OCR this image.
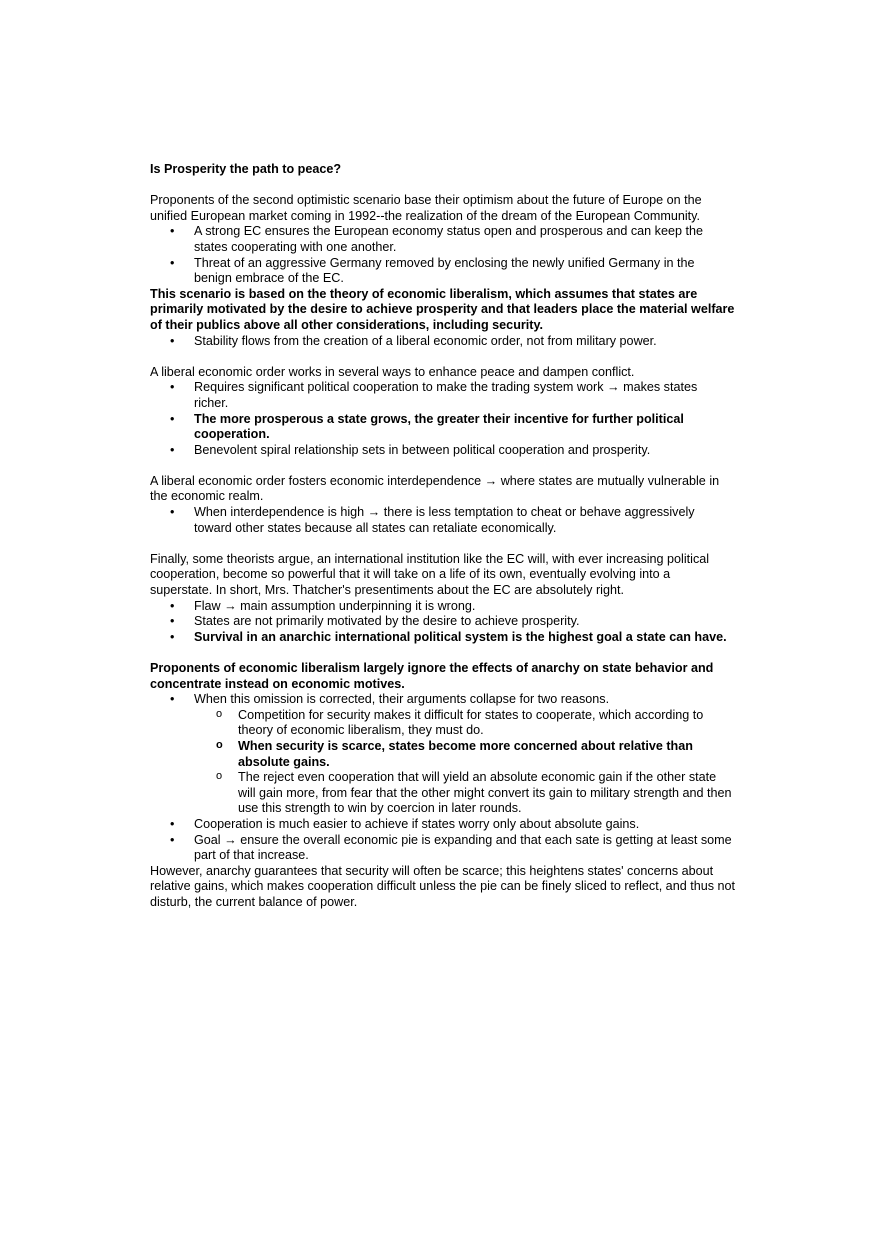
Is Prosperity the path to peace?

Proponents of the second optimistic scenario base their optimism about the future of Europe on the unified European market coming in 1992--the realization of the dream of the European Community.

• A strong EC ensures the European economy status open and prosperous and can keep the states cooperating with one another.
• Threat of an aggressive Germany removed by enclosing the newly unified Germany in the benign embrace of the EC.

This scenario is based on the theory of economic liberalism, which assumes that states are primarily motivated by the desire to achieve prosperity and that leaders place the material welfare of their publics above all other considerations, including security.

• Stability flows from the creation of a liberal economic order, not from military power.

A liberal economic order works in several ways to enhance peace and dampen conflict.

• Requires significant political cooperation to make the trading system work → makes states richer.
• The more prosperous a state grows, the greater their incentive for further political cooperation.
• Benevolent spiral relationship sets in between political cooperation and prosperity.

A liberal economic order fosters economic interdependence → where states are mutually vulnerable in the economic realm.

• When interdependence is high → there is less temptation to cheat or behave aggressively toward other states because all states can retaliate economically.

Finally, some theorists argue, an international institution like the EC will, with ever increasing political cooperation, become so powerful that it will take on a life of its own, eventually evolving into a superstate. In short, Mrs. Thatcher's presentiments about the EC are absolutely right.

• Flaw → main assumption underpinning it is wrong.
• States are not primarily motivated by the desire to achieve prosperity.
• Survival in an anarchic international political system is the highest goal a state can have.

Proponents of economic liberalism largely ignore the effects of anarchy on state behavior and concentrate instead on economic motives.

• When this omission is corrected, their arguments collapse for two reasons.
o Competition for security makes it difficult for states to cooperate, which according to theory of economic liberalism, they must do.
o When security is scarce, states become more concerned about relative than absolute gains.
o The reject even cooperation that will yield an absolute economic gain if the other state will gain more, from fear that the other might convert its gain to military strength and then use this strength to win by coercion in later rounds.
• Cooperation is much easier to achieve if states worry only about absolute gains.
• Goal → ensure the overall economic pie is expanding and that each sate is getting at least some part of that increase.

However, anarchy guarantees that security will often be scarce; this heightens states' concerns about relative gains, which makes cooperation difficult unless the pie can be finely sliced to reflect, and thus not disturb, the current balance of power.
